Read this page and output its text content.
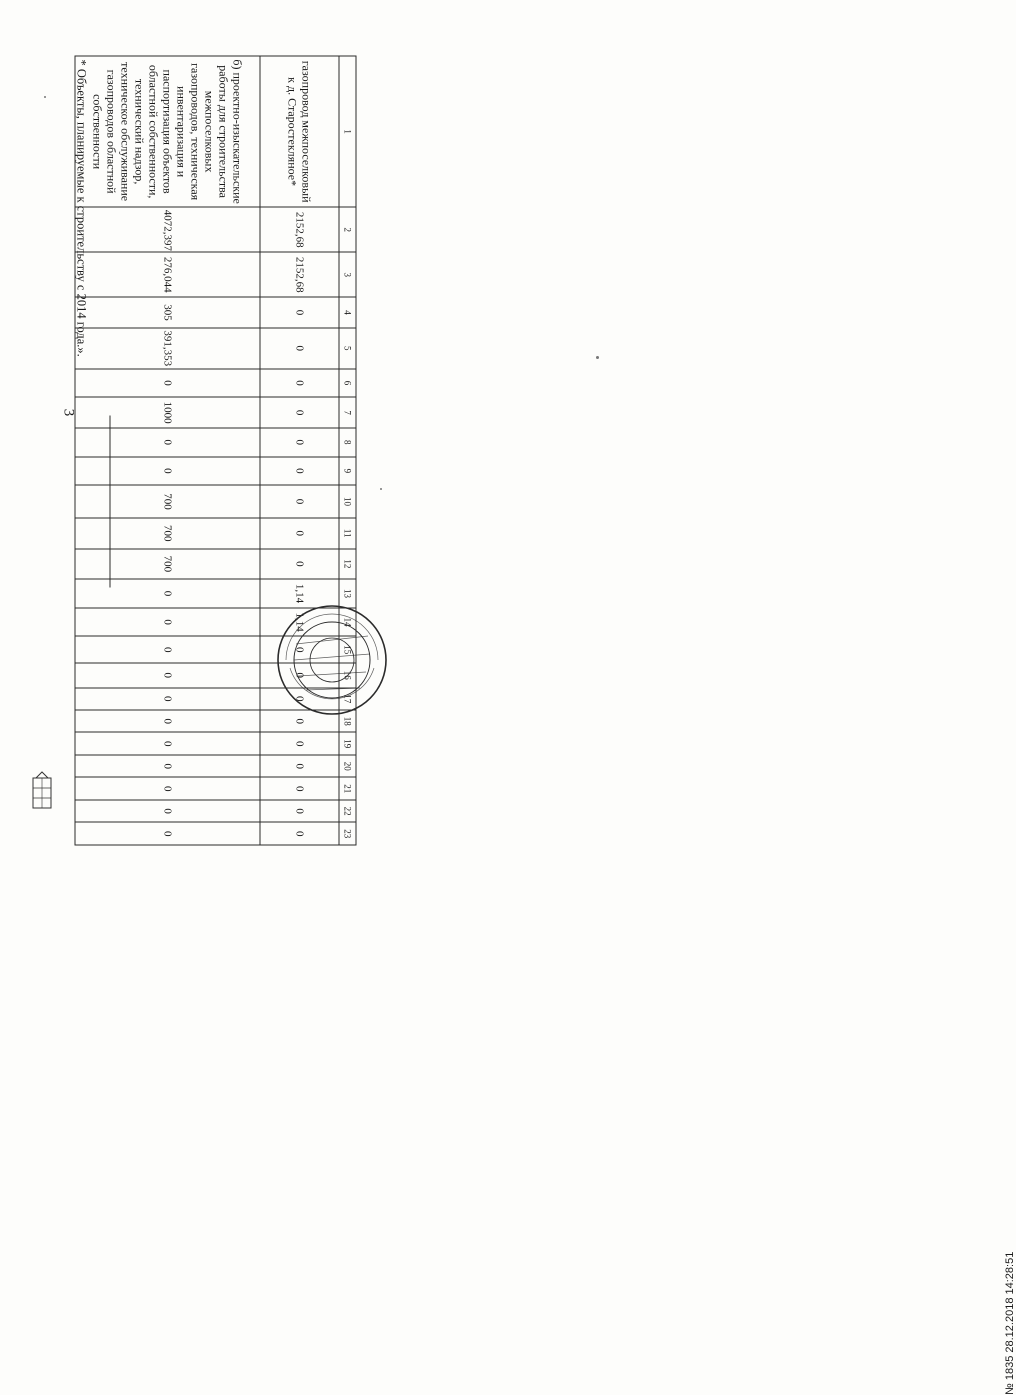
3
1	2	3	4	5	6	7	8	9	10	11	12	13	14	15	16	17	18	19	20	21	22	23
газопровод межпоселковый к д. Старостекляное*	2152,68	2152,68	0	0	0	0	0	0	0	0	0	1,14	1,14	0	0	0	0	0	0	0	0	0
б) проектно-изыскательские работы для строительства межпоселковых газопроводов, техническая инвентаризация и паспортизация объектов областной собственности, технический надзор, техническое обслуживание газопроводов областной собственности	4072,397	276,044	305	391,353	0	1000	0	0	700	700	700	0	0	0	0	0	0	0	0	0	0	0
* Объекты, планируемые к строительству с 2014 года.».
№ 1835 28.12.2018 14:28:51
